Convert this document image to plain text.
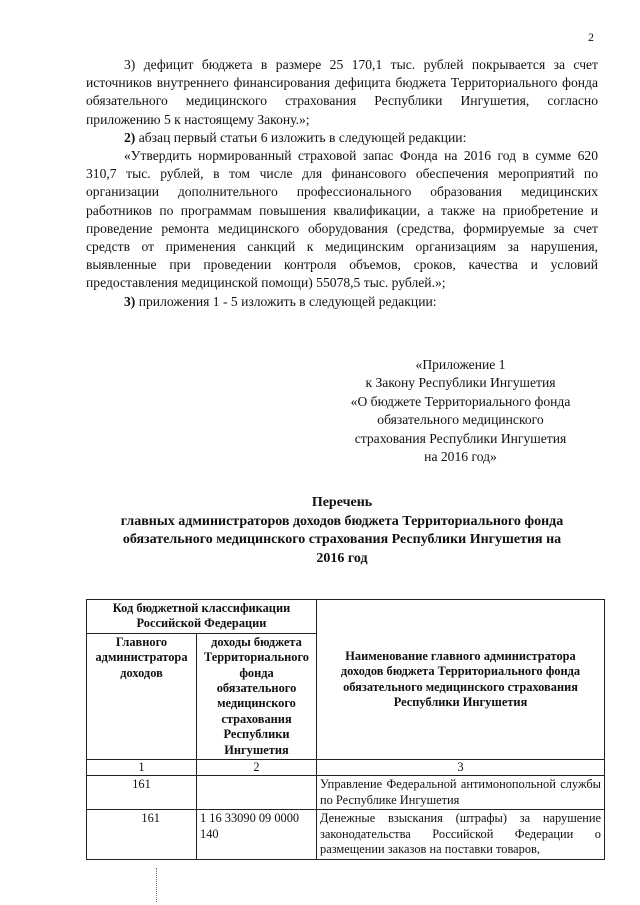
2

3) дефицит бюджета в размере 25 170,1 тыс. рублей покрывается за счет источников внутреннего финансирования дефицита бюджета Территориального фонда обязательного медицинского страхования Республики Ингушетия, согласно приложению 5 к настоящему Закону.»;

2) абзац первый статьи 6 изложить в следующей редакции:

«Утвердить нормированный страховой запас Фонда на 2016 год в сумме 620 310,7 тыс. рублей, в том числе для финансового обеспечения мероприятий по организации дополнительного профессионального образования медицинских работников по программам повышения квалификации, а также на приобретение и проведение ремонта медицинского оборудования (средства, формируемые за счет средств от применения санкций к медицинским организациям за нарушения, выявленные при проведении контроля объемов, сроков, качества и условий предоставления медицинской помощи) 55078,5 тыс. рублей.»;

3) приложения 1 - 5 изложить в следующей редакции:

«Приложение 1
к Закону Республики Ингушетия
«О бюджете Территориального фонда
обязательного медицинского
страхования Республики Ингушетия
на 2016 год»
Перечень
главных администраторов доходов бюджета Территориального фонда
обязательного медицинского страхования Республики Ингушетия на
2016 год
Код бюджетной классификации Российской Федерации		Наименование главного администратора доходов бюджета Территориального фонда обязательного медицинского страхования Республики Ингушетия
Главного администратора доходов	доходы бюджета Территориального фонда обязательного медицинского страхования Республики Ингушетия	
1	2	3
161		Управление Федеральной антимонопольной службы по Республике Ингушетия
161	1 16 33090 09 0000 140	Денежные взыскания (штрафы) за нарушение законодательства Российской Федерации о размещении заказов на поставки товаров,
